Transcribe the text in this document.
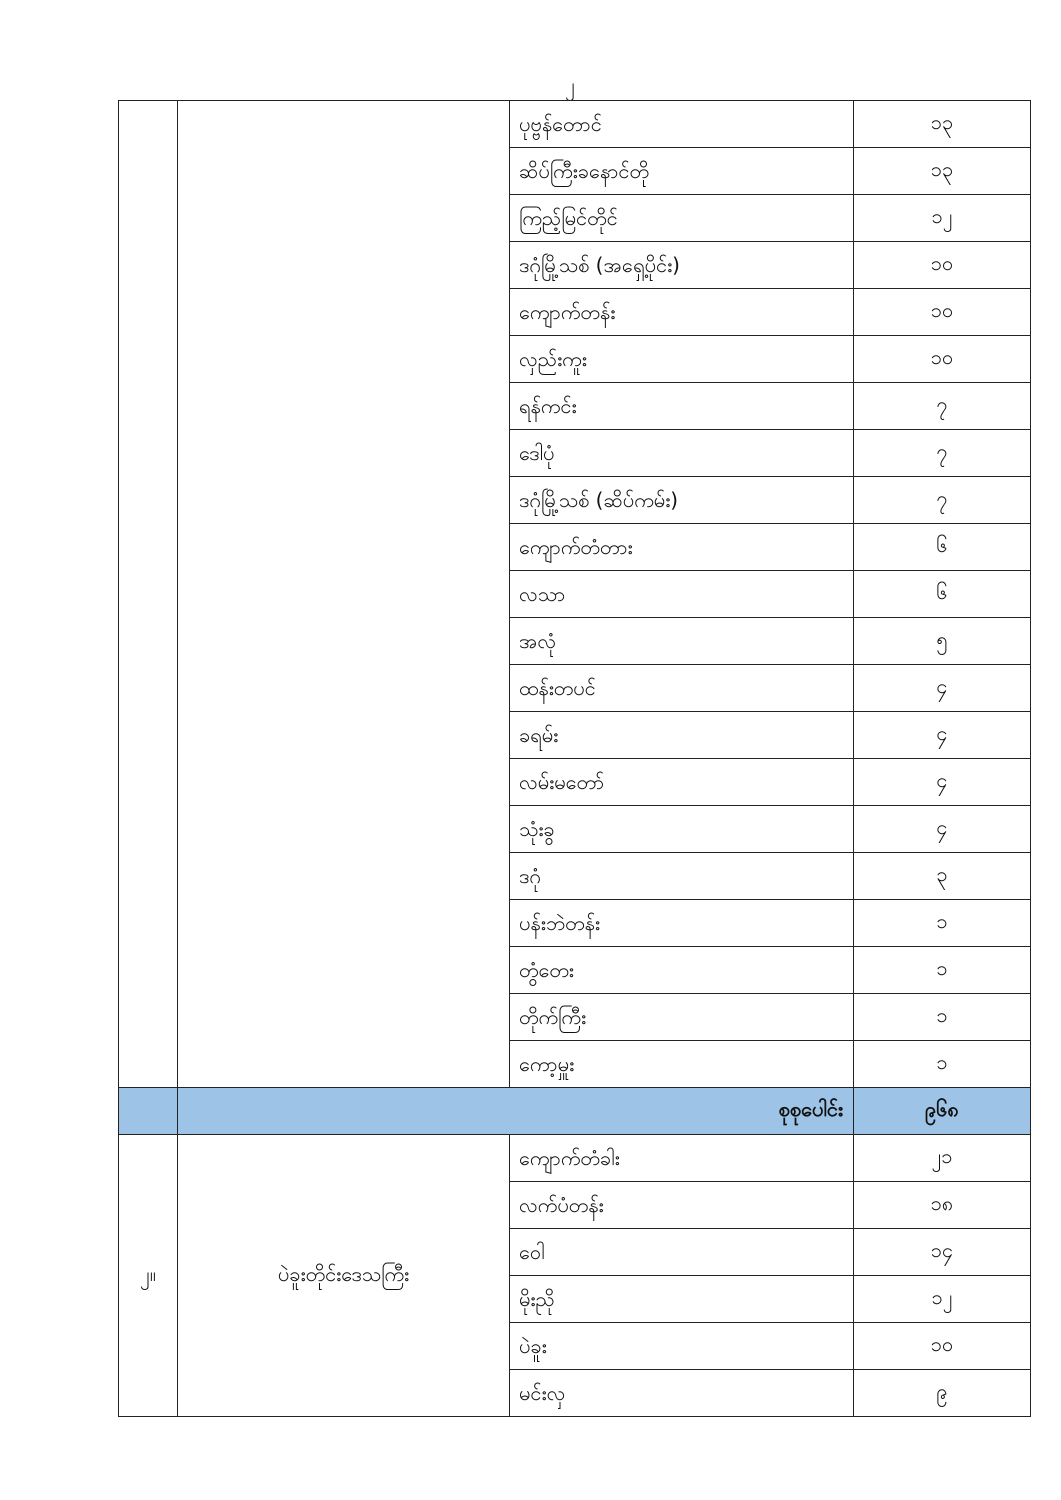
၂

		ပုဗ္ဗန်တောင်	၁၃

		ဆိပ်ကြီးခနောင်တို	၁၃

		ကြည့်မြင်တိုင်	၁၂

		ဒဂုံမြို့သစ် (အရှေ့ပိုင်း)	၁၀

		ကျောက်တန်း	၁၀

		လှည်းကူး	၁၀

		ရန်ကင်း	၇

		ဒေါပုံ	၇

		ဒဂုံမြို့သစ် (ဆိပ်ကမ်း)	၇

		ကျောက်တံတား	၆

		လသာ	၆

		အလုံ	၅

		ထန်းတပင်	၄

		ခရမ်း	၄

		လမ်းမတော်	၄

		သုံးခွ	၄

		ဒဂုံ	၃

		ပန်းဘဲတန်း	၁

		တွံတေး	၁

		တိုက်ကြီး	၁

		ကော့မှူး	၁
	စုစုပေါင်း		၉၆၈
၂။	ပဲခူးတိုင်းဒေသကြီး	ကျောက်တံခါး	၂၁

		လက်ပံတန်း	၁၈

		ဝေါ	၁၄

		မိုးညို	၁၂

		ပဲခူး	၁၀

		မင်းလှ	၉
